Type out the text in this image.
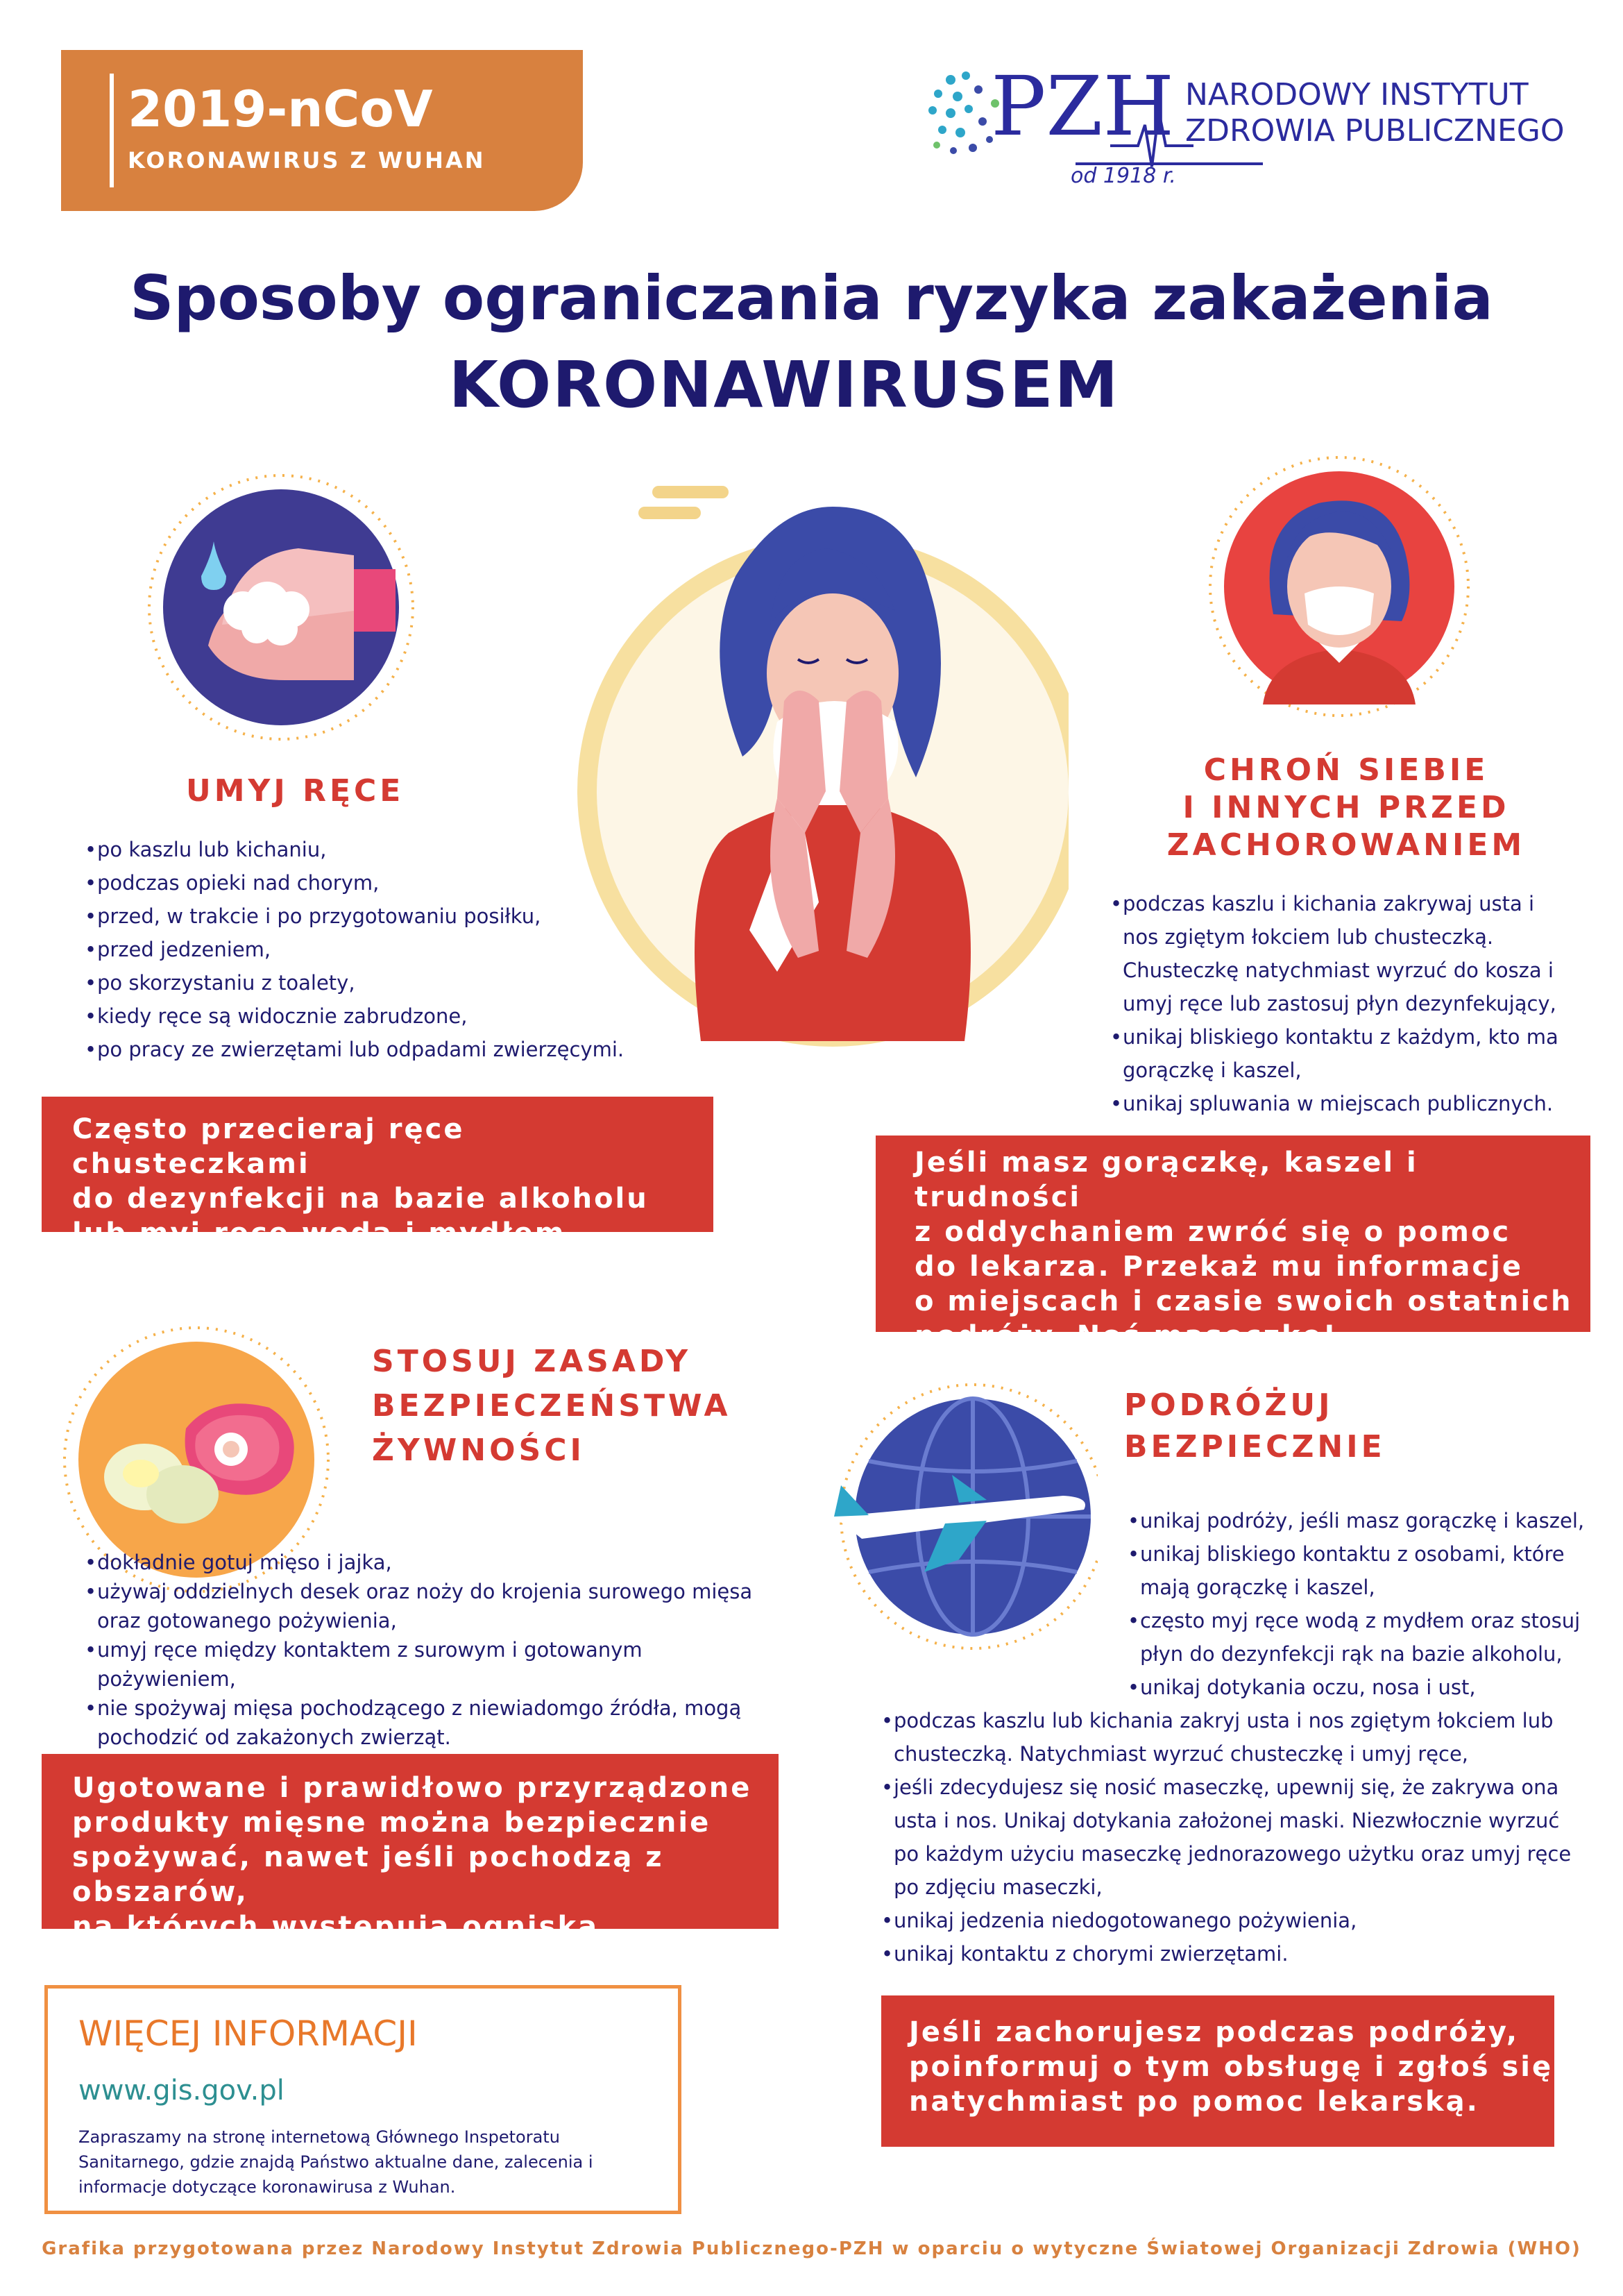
2019-nCoV
KORONAWIRUS Z WUHAN
PZH NARODOWY INSTYTUT
ZDROWIA PUBLICZNEGO
od 1918 r.
Sposoby ograniczania ryzyka zakażenia
KORONAWIRUSEM
UMYJ RĘCE
• po kaszlu lub kichaniu,
• podczas opieki nad chorym,
• przed, w trakcie i po przygotowaniu posiłku,
• przed jedzeniem,
• po skorzystaniu z toalety,
• kiedy ręce są widocznie zabrudzone,
• po pracy ze zwierzętami lub odpadami zwierzęcymi.
Często przecieraj ręce chusteczkami
do dezynfekcji na bazie alkoholu
lub myj ręce wodą i mydłem.
CHROŃ SIEBIE
I INNYCH PRZED
ZACHOROWANIEM
• podczas kaszlu i kichania zakrywaj usta i nos zgiętym łokciem lub chusteczką. Chusteczkę natychmiast wyrzuć do kosza i umyj ręce lub zastosuj płyn dezynfekujący,
• unikaj bliskiego kontaktu z każdym, kto ma gorączkę i kaszel,
• unikaj spluwania w miejscach publicznych.
Jeśli masz gorączkę, kaszel i trudności
z oddychaniem zwróć się o pomoc
do lekarza. Przekaż mu informacje
o miejscach i czasie swoich ostatnich
podróży. Noś maseczkę!
STOSUJ ZASADY
BEZPIECZEŃSTWA
ŻYWNOŚCI
• dokładnie gotuj mięso i jajka,
• używaj oddzielnych desek oraz noży do krojenia surowego mięsa oraz gotowanego pożywienia,
• umyj ręce między kontaktem z surowym i gotowanym pożywieniem,
• nie spożywaj mięsa pochodzącego z niewiadomgo źródła, mogą pochodzić od zakażonych zwierząt.
Ugotowane i prawidłowo przyrządzone
produkty mięsne można bezpiecznie
spożywać, nawet jeśli pochodzą z obszarów,
na których występują ogniska zachorowań.
PODRÓŻUJ
BEZPIECZNIE
• unikaj podróży, jeśli masz gorączkę i kaszel,
• unikaj bliskiego kontaktu z osobami, które mają gorączkę i kaszel,
• często myj ręce wodą z mydłem oraz stosuj płyn do dezynfekcji rąk na bazie alkoholu,
• unikaj dotykania oczu, nosa i ust,
• podczas kaszlu lub kichania zakryj usta i nos zgiętym łokciem lub chusteczką. Natychmiast wyrzuć chusteczkę i umyj ręce,
• jeśli zdecydujesz się nosić maseczkę, upewnij się, że zakrywa ona usta i nos. Unikaj dotykania założonej maski. Niezwłocznie wyrzuć po każdym użyciu maseczkę jednorazowego użytku oraz umyj ręce po zdjęciu maseczki,
• unikaj jedzenia niedogotowanego pożywienia,
• unikaj kontaktu z chorymi zwierzętami.
Jeśli zachorujesz podczas podróży,
poinformuj o tym obsługę i zgłoś się
natychmiast po pomoc lekarską.
WIĘCEJ INFORMACJI
www.gis.gov.pl
Zapraszamy na stronę internetową Głównego Inspetoratu Sanitarnego, gdzie znajdą Państwo aktualne dane, zalecenia i informacje dotyczące koronawirusa z Wuhan.
Grafika przygotowana przez Narodowy Instytut Zdrowia Publicznego-PZH w oparciu o wytyczne Światowej Organizacji Zdrowia (WHO)
